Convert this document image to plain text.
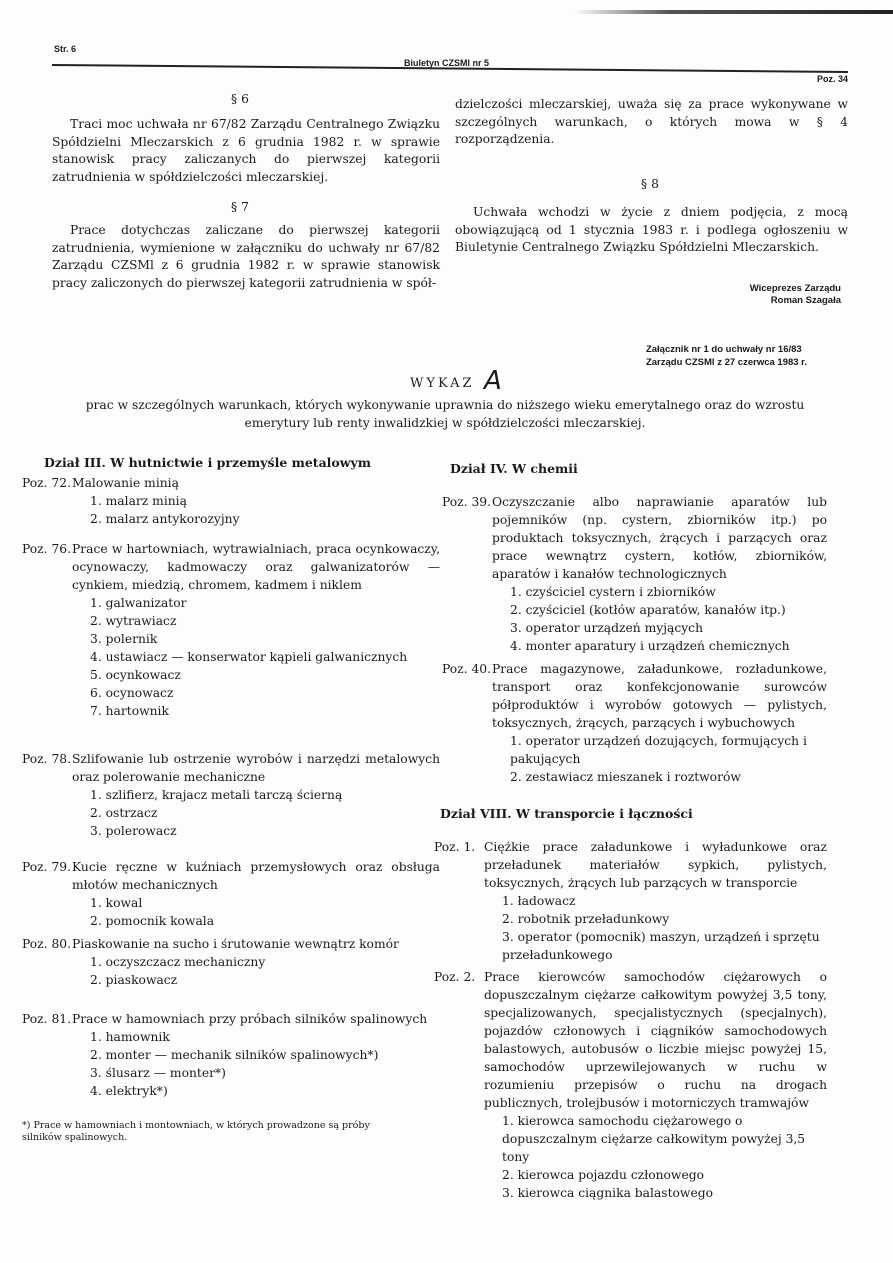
Str. 6
Biuletyn CZSMl nr 5
Poz. 34
§ 6
Traci moc uchwała nr 67/82 Zarządu Centralnego Związku Spółdzielni Mleczarskich z 6 grudnia 1982 r. w sprawie stanowisk pracy zaliczanych do pierwszej kategorii zatrudnienia w spółdzielczości mleczarskiej.
§ 7
Prace dotychczas zaliczane do pierwszej kategorii zatrudnienia, wymienione w załączniku do uchwały nr 67/82 Zarządu CZSMl z 6 grudnia 1982 r. w sprawie stanowisk pracy zaliczonych do pierwszej kategorii zatrudnienia w spół-
dzielczości mleczarskiej, uważa się za prace wykonywane w szczególnych warunkach, o których mowa w § 4 rozporządzenia.
§ 8
Uchwała wchodzi w życie z dniem podjęcia, z mocą obowiązującą od 1 stycznia 1983 r. i podlega ogłoszeniu w Biuletynie Centralnego Związku Spółdzielni Mleczarskich.
Wiceprezes Zarządu
Roman Szagała
Załącznik nr 1 do uchwały nr 16/83
Zarządu CZSMl z 27 czerwca 1983 r.
WYKAZ A
prac w szczególnych warunkach, których wykonywanie uprawnia do niższego wieku emerytalnego oraz do wzrostu emerytury lub renty inwalidzkiej w spółdzielczości mleczarskiej.
Dział III. W hutnictwie i przemyśle metalowym
*) Prace w hamowniach i montowniach, w których prowadzone są próby silników spalinowych.
Dział IV. W chemii
Dział VIII. W transporcie i łączności
Poz. 72. Malowanie minią
1. malarz minią
2. malarz antykorozyjny
Poz. 76. Prace w hartowniach, wytrawialniach, praca ocynkowaczy, ocynowaczy, kadmowaczy oraz galwanizatorów — cynkiem, miedzią, chromem, kadmem i niklem
1. galwanizator
2. wytrawiacz
3. polernik
4. ustawiacz — konserwator kąpieli galwanicznych
5. ocynkowacz
6. ocynowacz
7. hartownik
Poz. 78. Szlifowanie lub ostrzenie wyrobów i narzędzi metalowych oraz polerowanie mechaniczne
1. szlifierz, krajacz metali tarczą ścierną
2. ostrzacz
3. polerowacz
Poz. 79. Kucie ręczne w kuźniach przemysłowych oraz obsługa młotów mechanicznych
1. kowal
2. pomocnik kowala
Poz. 80. Piaskowanie na sucho i śrutowanie wewnątrz komór
1. oczyszczacz mechaniczny
2. piaskowacz
Poz. 81. Prace w hamowniach przy próbach silników spalinowych
1. hamownik
2. monter — mechanik silników spalinowych*)
3. ślusarz — monter*)
4. elektryk*)
Poz. 39. Oczyszczanie albo naprawianie aparatów lub pojemników (np. cystern, zbiorników itp.) po produktach toksycznych, żrących i parzących oraz prace wewnątrz cystern, kotłów, zbiorników, aparatów i kanałów technologicznych
1. czyściciel cystern i zbiorników
2. czyściciel (kotłów aparatów, kanałów itp.)
3. operator urządzeń myjących
4. monter aparatury i urządzeń chemicznych
Poz. 40. Prace magazynowe, załadunkowe, rozładunkowe, transport oraz konfekcjonowanie surowców półproduktów i wyrobów gotowych — pylistych, toksycznych, żrących, parzących i wybuchowych
1. operator urządzeń dozujących, formujących i pakujących
2. zestawiacz mieszanek i roztworów
Poz. 1. Ciężkie prace załadunkowe i wyładunkowe oraz przeładunek materiałów sypkich, pylistych, toksycznych, żrących lub parzących w transporcie
1. ładowacz
2. robotnik przeładunkowy
3. operator (pomocnik) maszyn, urządzeń i sprzętu przeładunkowego
Poz. 2. Prace kierowców samochodów ciężarowych o dopuszczalnym ciężarze całkowitym powyżej 3,5 tony, specjalizowanych, specjalistycznych (specjalnych), pojazdów członowych i ciągników samochodowych balastowych, autobusów o liczbie miejsc powyżej 15, samochodów uprzewilejowanych w ruchu w rozumieniu przepisów o ruchu na drogach publicznych, trolejbusów i motorniczych tramwajów
1. kierowca samochodu ciężarowego o dopuszczalnym ciężarze całkowitym powyżej 3,5 tony
2. kierowca pojazdu członowego
3. kierowca ciągnika balastowego
